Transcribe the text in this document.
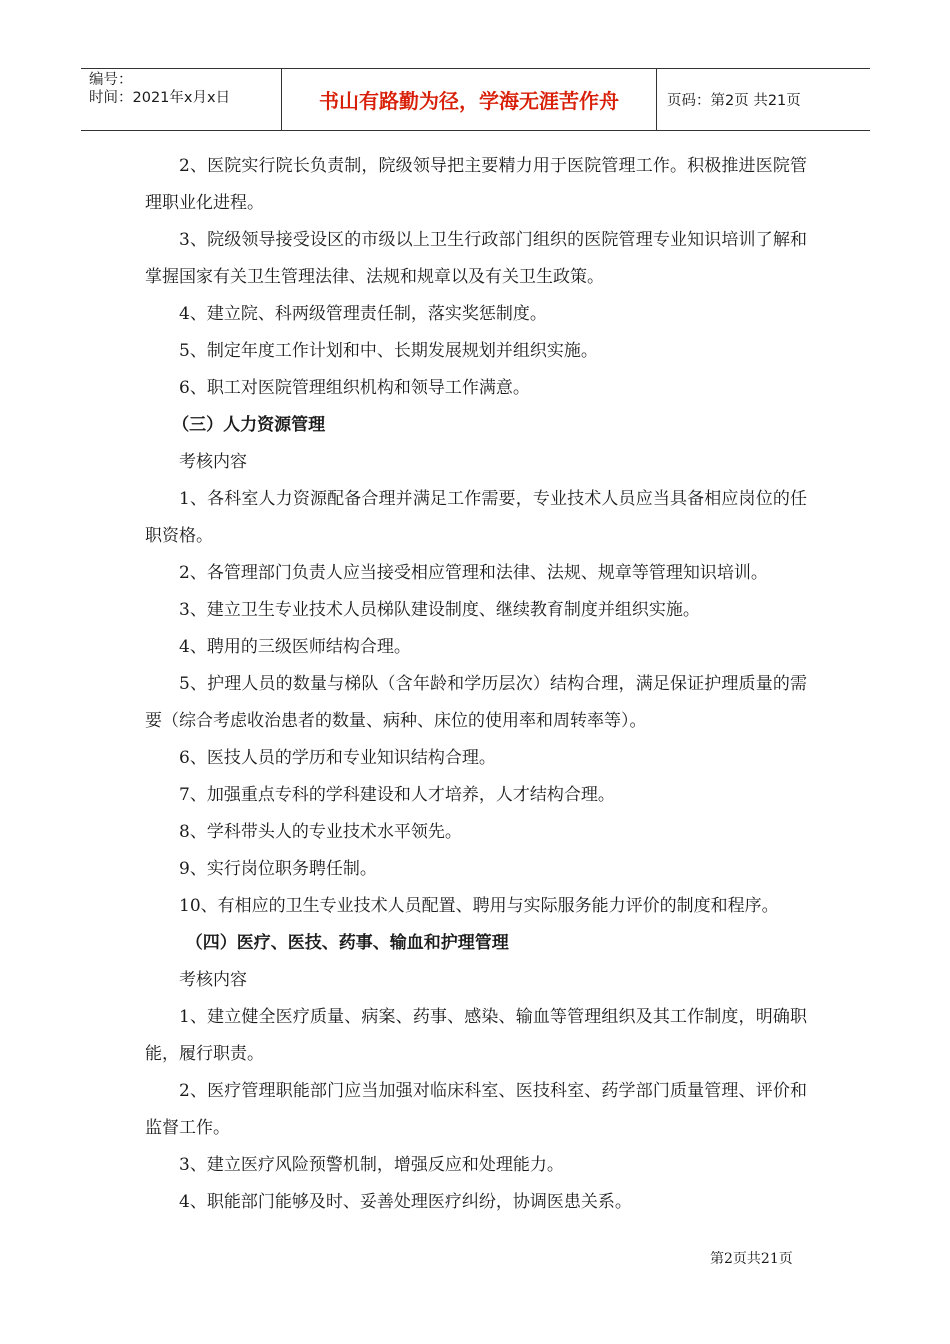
编号：
时间：2021年x月x日	书山有路勤为径，学海无涯苦作舟	页码：第2页 共21页

2、医院实行院长负责制，院级领导把主要精力用于医院管理工作。积极推进医院管理职业化进程。

3、院级领导接受设区的市级以上卫生行政部门组织的医院管理专业知识培训了解和掌握国家有关卫生管理法律、法规和规章以及有关卫生政策。

4、建立院、科两级管理责任制，落实奖惩制度。

5、制定年度工作计划和中、长期发展规划并组织实施。

6、职工对医院管理组织机构和领导工作满意。

（三）人力资源管理

考核内容

1、各科室人力资源配备合理并满足工作需要，专业技术人员应当具备相应岗位的任职资格。

2、各管理部门负责人应当接受相应管理和法律、法规、规章等管理知识培训。

3、建立卫生专业技术人员梯队建设制度、继续教育制度并组织实施。

4、聘用的三级医师结构合理。

5、护理人员的数量与梯队（含年龄和学历层次）结构合理，满足保证护理质量的需要（综合考虑收治患者的数量、病种、床位的使用率和周转率等）。

6、医技人员的学历和专业知识结构合理。

7、加强重点专科的学科建设和人才培养，人才结构合理。

8、学科带头人的专业技术水平领先。

9、实行岗位职务聘任制。

10、有相应的卫生专业技术人员配置、聘用与实际服务能力评价的制度和程序。

（四）医疗、医技、药事、输血和护理管理

考核内容

1、建立健全医疗质量、病案、药事、感染、输血等管理组织及其工作制度，明确职能，履行职责。

2、医疗管理职能部门应当加强对临床科室、医技科室、药学部门质量管理、评价和监督工作。

3、建立医疗风险预警机制，增强反应和处理能力。

4、职能部门能够及时、妥善处理医疗纠纷，协调医患关系。

第2页共21页
